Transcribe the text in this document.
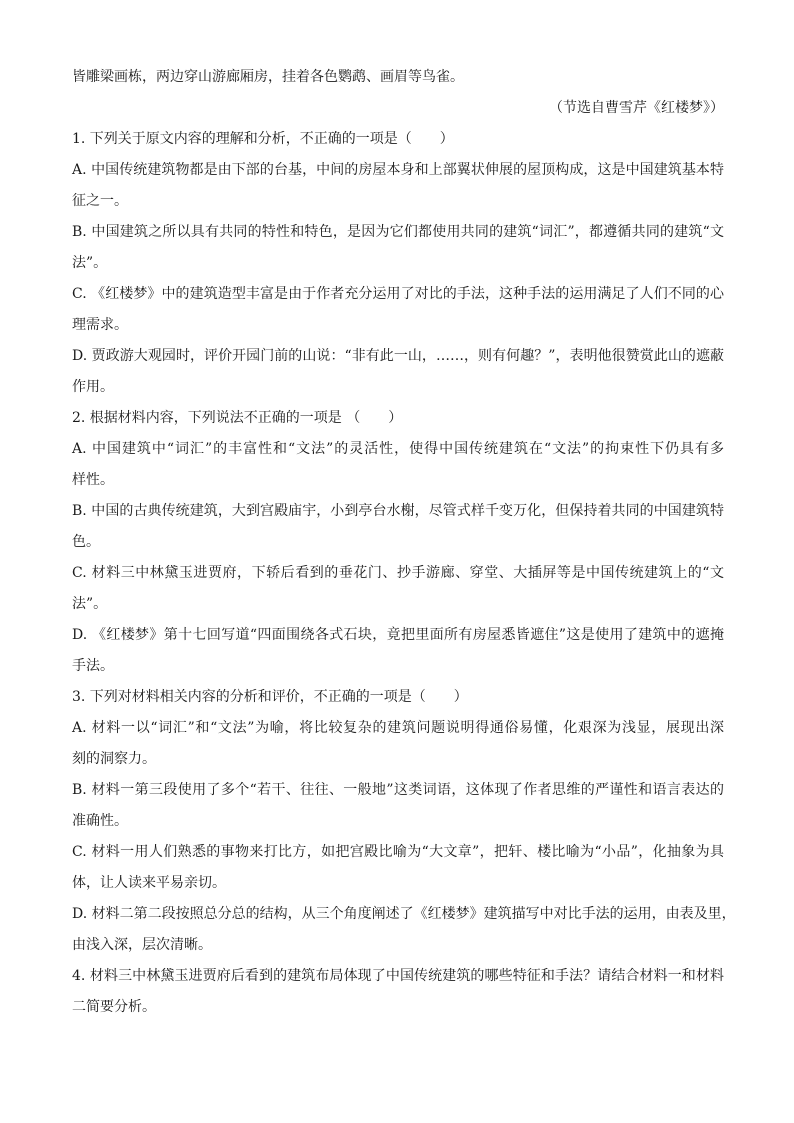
皆雕梁画栋，两边穿山游廊厢房，挂着各色鹦鹉、画眉等鸟雀。
（节选自曹雪芹《红楼梦》）
1. 下列关于原文内容的理解和分析，不正确的一项是（　　）
A. 中国传统建筑物都是由下部的台基，中间的房屋本身和上部翼状伸展的屋顶构成，这是中国建筑基本特
征之一。
B. 中国建筑之所以具有共同的特性和特色，是因为它们都使用共同的建筑“词汇”，都遵循共同的建筑“文
法”。
C. 《红楼梦》中的建筑造型丰富是由于作者充分运用了对比的手法，这种手法的运用满足了人们不同的心
理需求。
D. 贾政游大观园时，评价开园门前的山说：“非有此一山，……，则有何趣？”，表明他很赞赏此山的遮蔽
作用。
2. 根据材料内容，下列说法不正确的一项是 （　　）
A. 中国建筑中“词汇”的丰富性和“文法”的灵活性，使得中国传统建筑在“文法”的拘束性下仍具有多
样性。
B. 中国的古典传统建筑，大到宫殿庙宇，小到亭台水榭，尽管式样千变万化，但保持着共同的中国建筑特
色。
C. 材料三中林黛玉进贾府，下轿后看到的垂花门、抄手游廊、穿堂、大插屏等是中国传统建筑上的“文
法”。
D. 《红楼梦》第十七回写道“四面围绕各式石块，竟把里面所有房屋悉皆遮住”这是使用了建筑中的遮掩
手法。
3. 下列对材料相关内容的分析和评价，不正确的一项是（　　）
A. 材料一以“词汇”和“文法”为喻，将比较复杂的建筑问题说明得通俗易懂，化艰深为浅显，展现出深
刻的洞察力。
B. 材料一第三段使用了多个“若干、往往、一般地”这类词语，这体现了作者思维的严谨性和语言表达的
准确性。
C. 材料一用人们熟悉的事物来打比方，如把宫殿比喻为“大文章”，把轩、楼比喻为“小品”，化抽象为具
体，让人读来平易亲切。
D. 材料二第二段按照总分总的结构，从三个角度阐述了《红楼梦》建筑描写中对比手法的运用，由表及里，
由浅入深，层次清晰。
4. 材料三中林黛玉进贾府后看到的建筑布局体现了中国传统建筑的哪些特征和手法？请结合材料一和材料
二简要分析。
